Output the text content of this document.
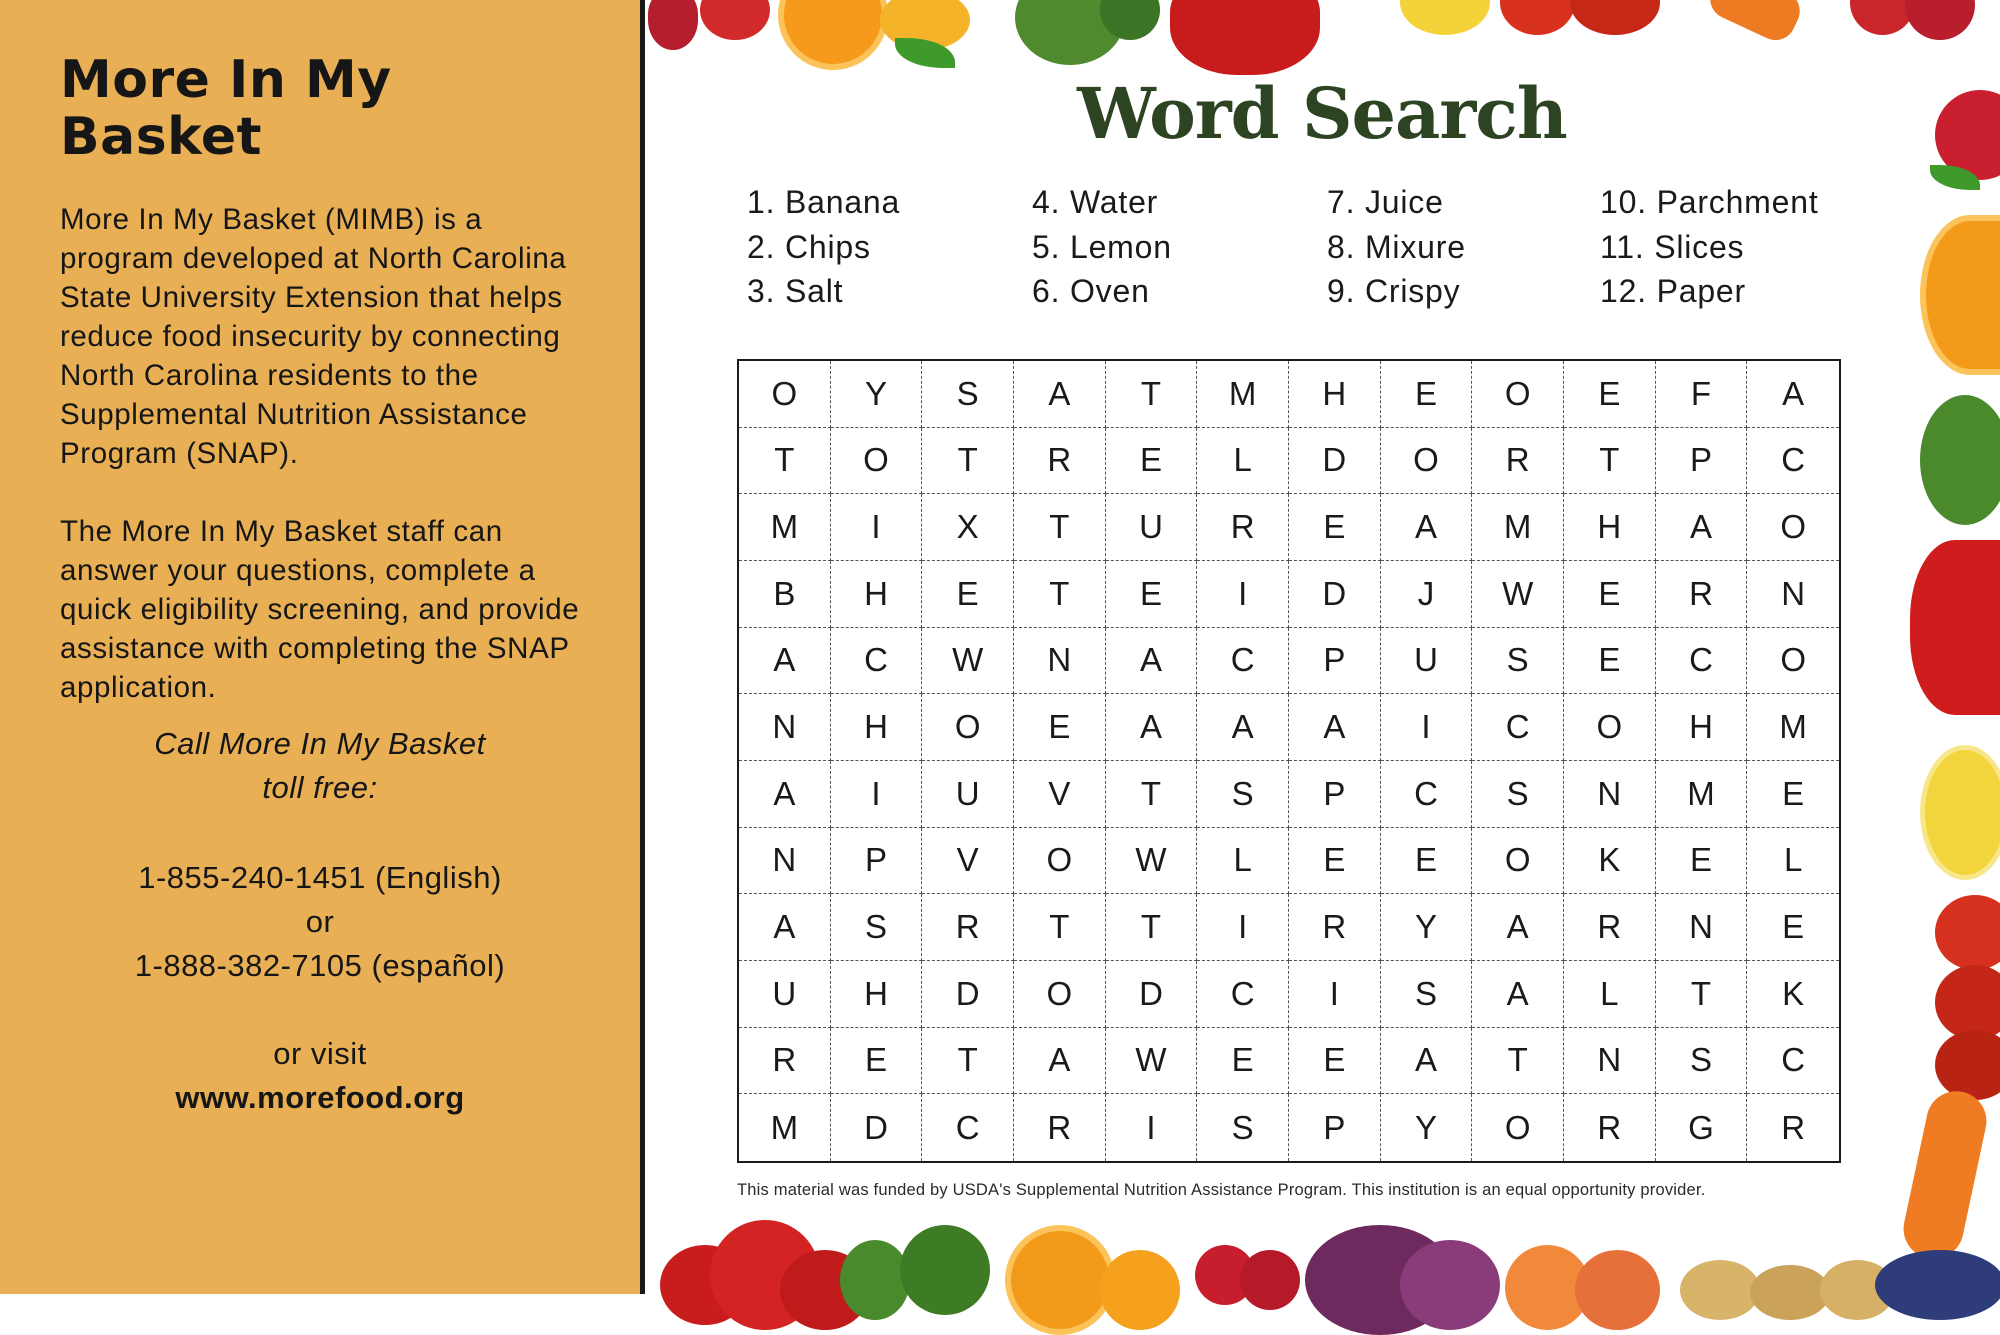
More In My Basket

More In My Basket (MIMB) is a program developed at North Carolina State University Extension that helps reduce food insecurity by connecting North Carolina residents to the Supplemental Nutrition Assistance Program (SNAP).

The More In My Basket staff can answer your questions, complete a quick eligibility screening, and provide assistance with completing the SNAP application.

Call More In My Basket
toll free:
1-855-240-1451 (English)
or
1-888-382-7105 (español)
or visit
www.morefood.org
Word Search
1. Banana
2. Chips
3. Salt
4. Water
5. Lemon
6. Oven
7. Juice
8. Mixure
9. Crispy
10. Parchment
11. Slices
12. Paper
O	Y	S	A	T	M	H	E	O	E	F	A
T	O	T	R	E	L	D	O	R	T	P	C
M	I	X	T	U	R	E	A	M	H	A	O
B	H	E	T	E	I	D	J	W	E	R	N
A	C	W	N	A	C	P	U	S	E	C	O
N	H	O	E	A	A	A	I	C	O	H	M
A	I	U	V	T	S	P	C	S	N	M	E
N	P	V	O	W	L	E	E	O	K	E	L
A	S	R	T	T	I	R	Y	A	R	N	E
U	H	D	O	D	C	I	S	A	L	T	K
R	E	T	A	W	E	E	A	T	N	S	C
M	D	C	R	I	S	P	Y	O	R	G	R
This material was funded by USDA's Supplemental Nutrition Assistance Program. This institution is an equal opportunity provider.
